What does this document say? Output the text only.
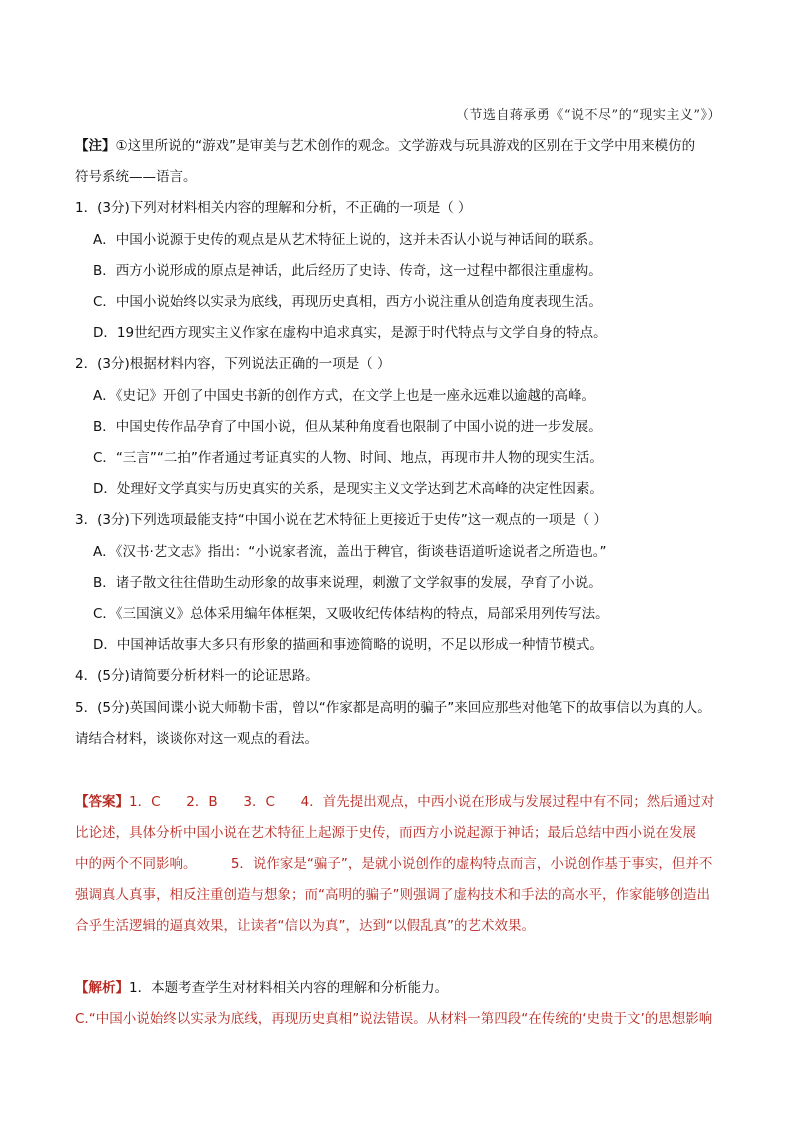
（节选自蒋承勇《“说不尽”的“现实主义”》）
【注】①这里所说的“游戏”是审美与艺术创作的观念。文学游戏与玩具游戏的区别在于文学中用来模仿的
符号系统——语言。
1．(3分)下列对材料相关内容的理解和分析，不正确的一项是（ ）
A．中国小说源于史传的观点是从艺术特征上说的，这并未否认小说与神话间的联系。
B．西方小说形成的原点是神话，此后经历了史诗、传奇，这一过程中都很注重虚构。
C．中国小说始终以实录为底线，再现历史真相，西方小说注重从创造角度表现生活。
D．19世纪西方现实主义作家在虚构中追求真实，是源于时代特点与文学自身的特点。
2．(3分)根据材料内容，下列说法正确的一项是（ ）
A．《史记》开创了中国史书新的创作方式，在文学上也是一座永远难以逾越的高峰。
B．中国史传作品孕育了中国小说，但从某种角度看也限制了中国小说的进一步发展。
C．“三言”“二拍”作者通过考证真实的人物、时间、地点，再现市井人物的现实生活。
D．处理好文学真实与历史真实的关系，是现实主义文学达到艺术高峰的决定性因素。
3．(3分)下列选项最能支持“中国小说在艺术特征上更接近于史传”这一观点的一项是（ ）
A．《汉书·艺文志》指出：“小说家者流，盖出于稗官，街谈巷语道听途说者之所造也。”
B．诸子散文往往借助生动形象的故事来说理，刺激了文学叙事的发展，孕育了小说。
C．《三国演义》总体采用编年体框架，又吸收纪传体结构的特点，局部采用列传写法。
D．中国神话故事大多只有形象的描画和事迹简略的说明，不足以形成一种情节模式。
4．(5分)请简要分析材料一的论证思路。
5．(5分)英国间谍小说大师勒卡雷，曾以“作家都是高明的骗子”来回应那些对他笔下的故事信以为真的人。
请结合材料，谈谈你对这一观点的看法。
【答案】1．C      2．B      3．C      4．首先提出观点，中西小说在形成与发展过程中有不同；然后通过对
比论述，具体分析中国小说在艺术特征上起源于史传，而西方小说起源于神话；最后总结中西小说在发展
中的两个不同影响。        5．说作家是“骗子”，是就小说创作的虚构特点而言，小说创作基于事实，但并不
强调真人真事，相反注重创造与想象；而“高明的骗子”则强调了虚构技术和手法的高水平，作家能够创造出
合乎生活逻辑的逼真效果，让读者“信以为真”，达到“以假乱真”的艺术效果。
【解析】1．本题考查学生对材料相关内容的理解和分析能力。
C.“中国小说始终以实录为底线，再现历史真相”说法错误。从材料一第四段“在传统的‘史贵于文’的思想影响
